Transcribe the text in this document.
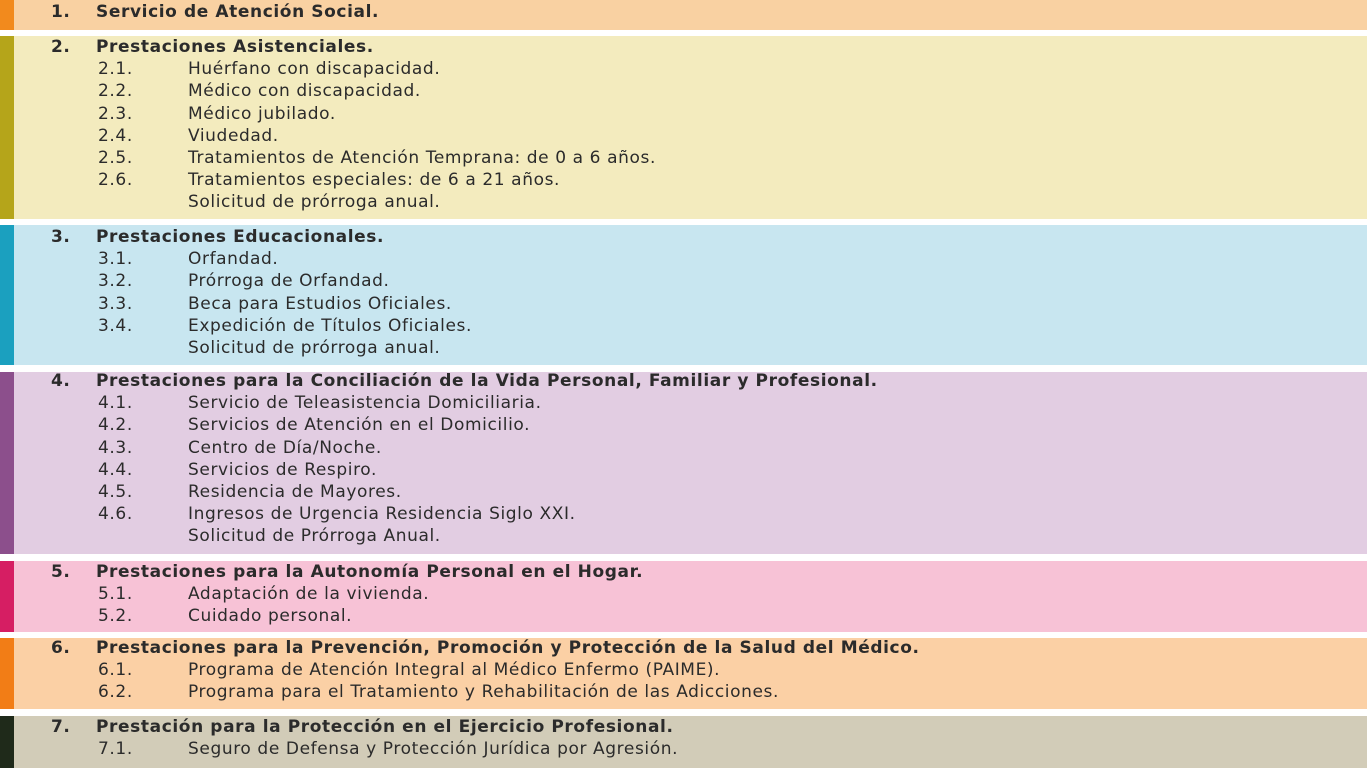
1. Servicio de Atención Social.
2. Prestaciones Asistenciales.
2.1.	Huérfano con discapacidad.
2.2.	Médico con discapacidad.
2.3.	Médico jubilado.
2.4.	Viudedad.
2.5.	Tratamientos de Atención Temprana: de 0 a 6 años.
2.6.	Tratamientos especiales: de 6 a 21 años.
Solicitud de prórroga anual.
3. Prestaciones Educacionales.
3.1.	Orfandad.
3.2.	Prórroga de Orfandad.
3.3.	Beca para Estudios Oficiales.
3.4.	Expedición de Títulos Oficiales.
Solicitud de prórroga anual.
4. Prestaciones para la Conciliación de la Vida Personal, Familiar y Profesional.
4.1.	Servicio de Teleasistencia Domiciliaria.
4.2.	Servicios de Atención en el Domicilio.
4.3.	Centro de Día/Noche.
4.4.	Servicios de Respiro.
4.5.	Residencia de Mayores.
4.6.	Ingresos de Urgencia Residencia Siglo XXI.
Solicitud de Prórroga Anual.
5. Prestaciones para la Autonomía Personal en el Hogar.
5.1.	Adaptación de la vivienda.
5.2.	Cuidado personal.
6. Prestaciones para la Prevención, Promoción y Protección de la Salud del Médico.
6.1.	Programa de Atención Integral al Médico Enfermo (PAIME).
6.2.	Programa para el Tratamiento y Rehabilitación de las Adicciones.
7. Prestación para la Protección en el Ejercicio Profesional.
7.1.	Seguro de Defensa y Protección Jurídica por Agresión.
